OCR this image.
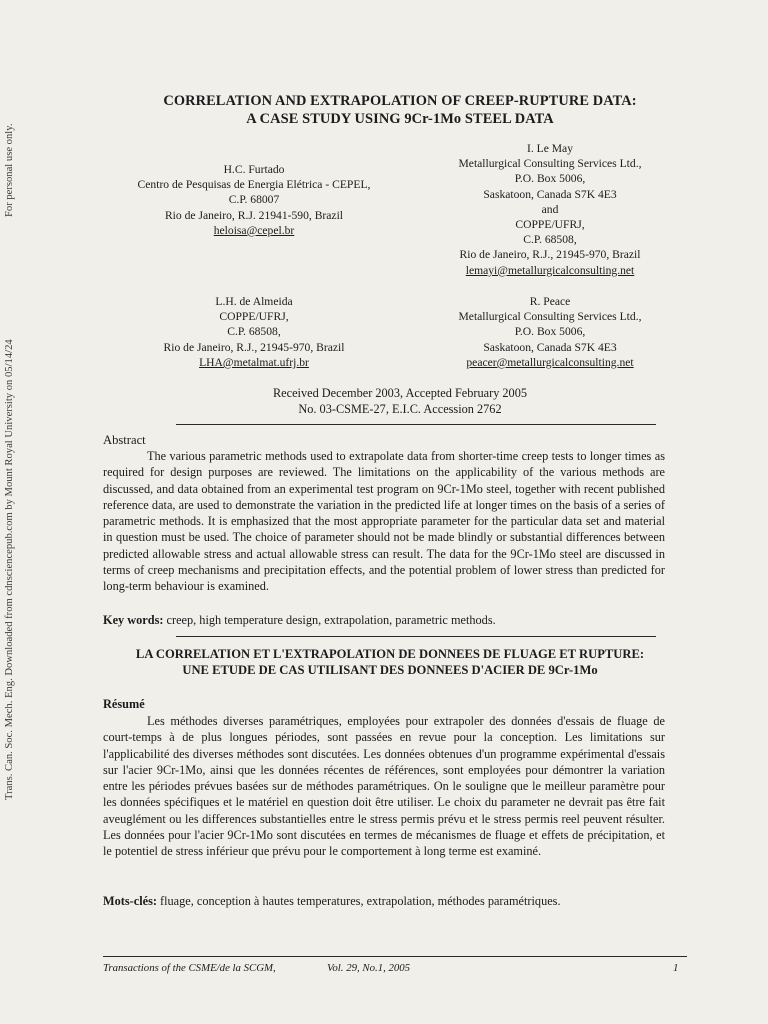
Trans. Can. Soc. Mech. Eng. Downloaded from cdnsciencepub.com by Mount Royal University on 05/14/24
For personal use only.
CORRELATION AND EXTRAPOLATION OF CREEP-RUPTURE DATA:
A CASE STUDY USING 9Cr-1Mo STEEL DATA
H.C. Furtado
Centro de Pesquisas de Energia Elétrica - CEPEL,
C.P. 68007
Rio de Janeiro, R.J. 21941-590, Brazil
heloisa@cepel.br
I. Le May
Metallurgical Consulting Services Ltd.,
P.O. Box 5006,
Saskatoon, Canada S7K 4E3
and
COPPE/UFRJ,
C.P. 68508,
Rio de Janeiro, R.J., 21945-970, Brazil
lemayi@metallurgicalconsulting.net
L.H. de Almeida
COPPE/UFRJ,
C.P. 68508,
Rio de Janeiro, R.J., 21945-970, Brazil
LHA@metalmat.ufrj.br
R. Peace
Metallurgical Consulting Services Ltd.,
P.O. Box 5006,
Saskatoon, Canada S7K 4E3
peacer@metallurgicalconsulting.net
Received December 2003, Accepted February 2005
No. 03-CSME-27, E.I.C. Accession 2762
Abstract

The various parametric methods used to extrapolate data from shorter-time creep tests to longer times as required for design purposes are reviewed. The limitations on the applicability of the various methods are discussed, and data obtained from an experimental test program on 9Cr-1Mo steel, together with recent published reference data, are used to demonstrate the variation in the predicted life at longer times on the basis of a series of parametric methods. It is emphasized that the most appropriate parameter for the particular data set and material in question must be used. The choice of parameter should not be made blindly or substantial differences between predicted allowable stress and actual allowable stress can result. The data for the 9Cr-1Mo steel are discussed in terms of creep mechanisms and precipitation effects, and the potential problem of lower stress than predicted for long-term behaviour is examined.

Key words: creep, high temperature design, extrapolation, parametric methods.
LA CORRELATION ET L'EXTRAPOLATION DE DONNEES DE FLUAGE ET RUPTURE:
UNE ETUDE DE CAS UTILISANT DES DONNEES D'ACIER DE 9Cr-1Mo
Résumé

Les méthodes diverses paramétriques, employées pour extrapoler des données d'essais de fluage de court-temps à de plus longues périodes, sont passées en revue pour la conception. Les limitations sur l'applicabilité des diverses méthodes sont discutées. Les données obtenues d'un programme expérimental d'essais sur l'acier 9Cr-1Mo, ainsi que les données récentes de références, sont employées pour démontrer la variation entre les périodes prévues basées sur de méthodes paramétriques. On le souligne que le meilleur paramètre pour les données spécifiques et le matériel en question doit être utiliser. Le choix du parameter ne devrait pas être fait aveuglément ou les differences substantielles entre le stress permis prévu et le stress permis reel peuvent résulter. Les données pour l'acier 9Cr-1Mo sont discutées en termes de mécanismes de fluage et effets de précipitation, et le potentiel de stress inférieur que prévu pour le comportement à long terme est examiné.

Mots-clés: fluage, conception à hautes temperatures, extrapolation, méthodes paramétriques.
Transactions of the CSME/de la SCGM,	Vol. 29, No.1, 2005	1
